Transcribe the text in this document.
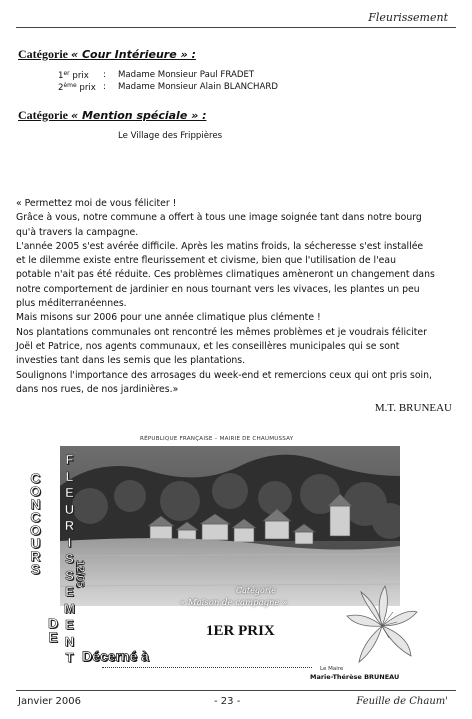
Fleurissement
Catégorie « Cour Intérieure » :
1er prix : Madame Monsieur Paul FRADET
2ème prix : Madame Monsieur Alain BLANCHARD
Catégorie « Mention spéciale » :
Le Village des Frippières
« Permettez moi de vous féliciter !
Grâce à vous, notre commune a offert à tous une image soignée tant dans notre bourg
qu'à travers la campagne.
L'année 2005 s'est avérée difficile. Après les matins froids, la sécheresse s'est installée
et le dilemme existe entre fleurissement et civisme, bien que l'utilisation de l'eau
potable n'ait pas été réduite. Ces problèmes climatiques amèneront un changement dans
notre comportement de jardinier en nous tournant vers les vivaces, les plantes un peu
plus méditerranéennes.
Mais misons sur 2006 pour une année climatique plus clémente !
Nos plantations communales ont rencontré les mêmes problèmes et je voudrais féliciter
Joël et Patrice, nos agents communaux, et les conseillères municipales qui se sont
investies tant dans les semis que les plantations.
Soulignons l'importance des arrosages du week-end et remercions ceux qui ont pris soin,
dans nos rues, de nos jardinières.»
M.T. BRUNEAU
RÉPUBLIQUE FRANÇAISE – MAIRIE DE CHAUMUSSAY
C
O
N
C
O
U
R
S
D
E
F
L
E
U
R
I
S
S
E
M
E
N
T
12/05
Catégorie
« Maison de campagne »
1ER PRIX
Décerné à
Le Maire
Marie-Thérèse BRUNEAU
Janvier 2006	- 23 -	Feuille de Chaum'
